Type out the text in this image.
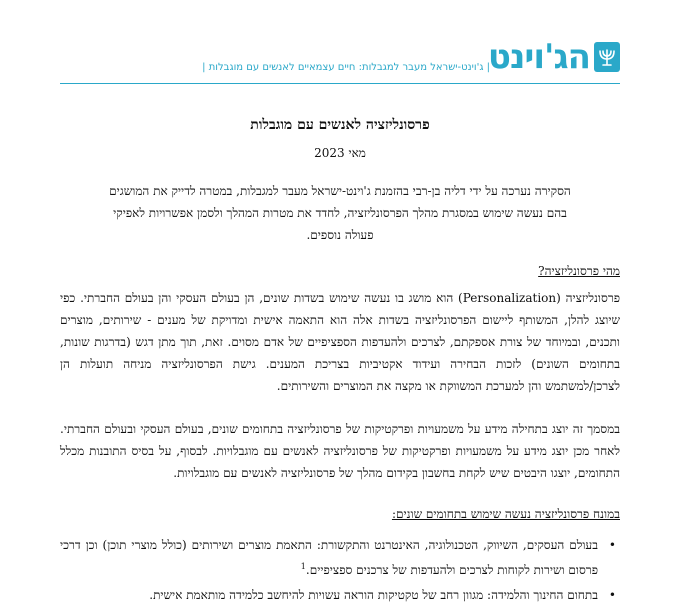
הג'וינט
| ג'וינט-ישראל מעבר למגבלות: חיים עצמאיים לאנשים עם מוגבלות |
פרסונליזציה לאנשים עם מוגבלות
מאי 2023
הסקירה נערכה על ידי דליה בן-רבי בהזמנת ג'וינט-ישראל מעבר למגבלות, במטרה לדייק את המושגים בהם נעשה שימוש במסגרת מהלך הפרסונליזציה, לחדד את מטרות המהלך ולסמן אפשרויות לאפיקי פעולה נוספים.
מהי פרסונליזציה?
פרסונליזציה (Personalization) הוא מושג בו נעשה שימוש בשדות שונים, הן בעולם העסקי והן בעולם החברתי. כפי שיוצג להלן, המשותף ליישום הפרסונליזציה בשדות אלה הוא התאמה אישית ומדויקת של מענים - שירותים, מוצרים ותכנים, ובמיוחד של צורת אספקתם, לצרכים ולהעדפות הספציפיים של אדם מסוים. זאת, תוך מתן דגש (בדרגות שונות, בתחומים השונים) לזכות הבחירה ועידוד אקטיביות בצריכת המענים. גישת הפרסונליזציה מניחה תועלות הן לצרכן/למשתמש והן למערכת המשווקת או מקצה את המוצרים והשירותים.
במסמך זה יוצג בתחילה מידע על משמעויות ופרקטיקות של פרסונליזציה בתחומים שונים, בעולם העסקי ובעולם החברתי. לאחר מכן יוצג מידע על משמעויות ופרקטיקות של פרסונליזציה לאנשים עם מוגבלויות. לבסוף, על בסיס התובנות מכלל התחומים, יוצגו היבטים שיש לקחת בחשבון בקידום מהלך של פרסונליזציה לאנשים עם מוגבלויות.
במונח פרסונליזציה נעשה שימוש בתחומים שונים:
•
בעולם העסקים, השיווק, הטכנולוגיה, האינטרנט והתקשורת: התאמת מוצרים ושירותים (כולל מוצרי תוכן) וכן דרכי פרסום ושירות לקוחות לצרכים ולהעדפות של צרכנים ספציפיים.$^1$
•
בתחום החינוך והלמידה: מגוון רחב של טקטיקות הוראה עשויות להיחשב כלמידה מותאמת אישית.
